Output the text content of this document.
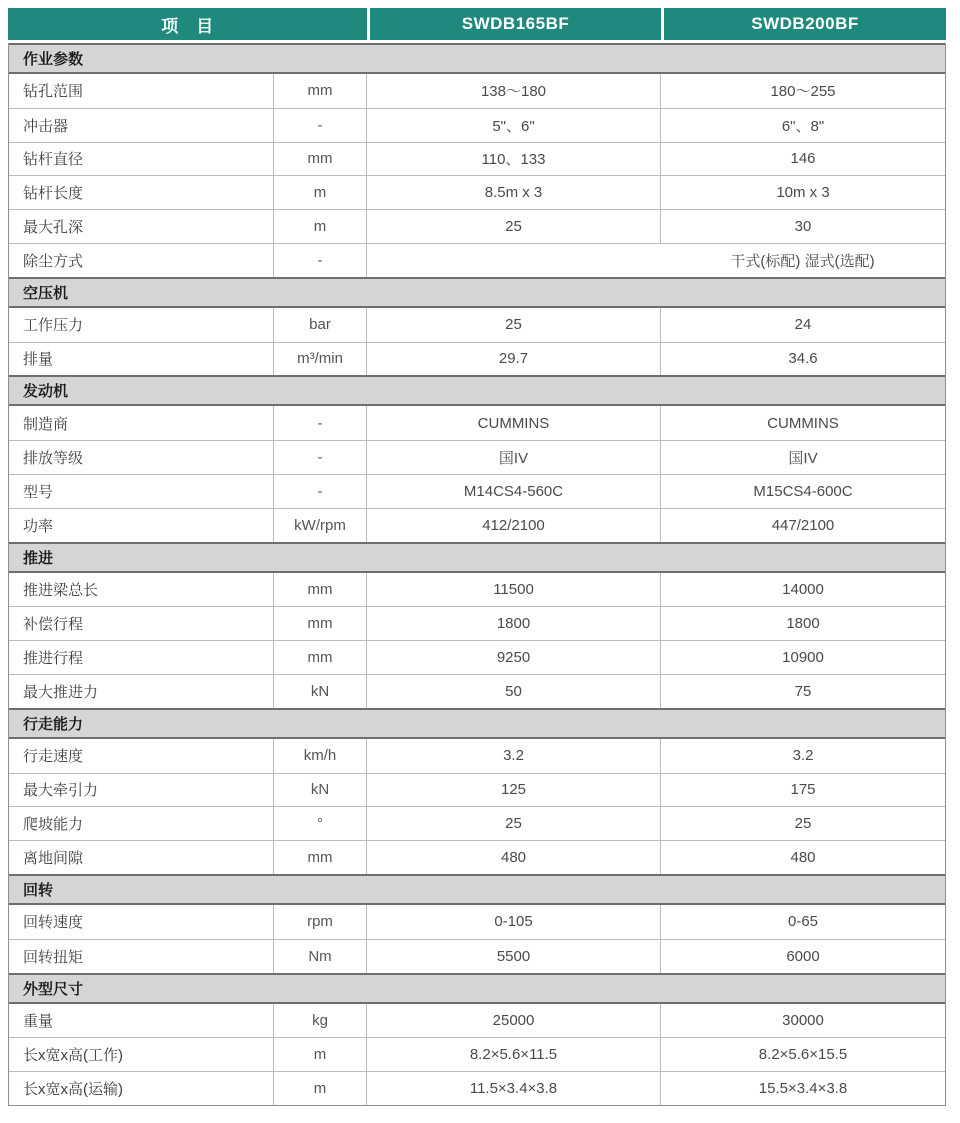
项　目	SWDB165BF	SWDB200BF
作业参数
钻孔范围	mm	138～180	180～255
冲击器	-	5"、6"	6"、8"
钻杆直径	mm	110、133	146
钻杆长度	m	8.5m x 3	10m x 3
最大孔深	m	25	30
除尘方式	-	干式(标配) 湿式(选配)
空压机
工作压力	bar	25	24
排量	m³/min	29.7	34.6
发动机
制造商	-	CUMMINS	CUMMINS
排放等级	-	国IV	国IV
型号	-	M14CS4-560C	M15CS4-600C
功率	kW/rpm	412/2100	447/2100
推进
推进梁总长	mm	11500	14000
补偿行程	mm	1800	1800
推进行程	mm	9250	10900
最大推进力	kN	50	75
行走能力
行走速度	km/h	3.2	3.2
最大牵引力	kN	125	175
爬坡能力	°	25	25
离地间隙	mm	480	480
回转
回转速度	rpm	0-105	0-65
回转扭矩	Nm	5500	6000
外型尺寸
重量	kg	25000	30000
长x宽x高(工作)	m	8.2×5.6×11.5	8.2×5.6×15.5
长x宽x高(运输)	m	11.5×3.4×3.8	15.5×3.4×3.8
